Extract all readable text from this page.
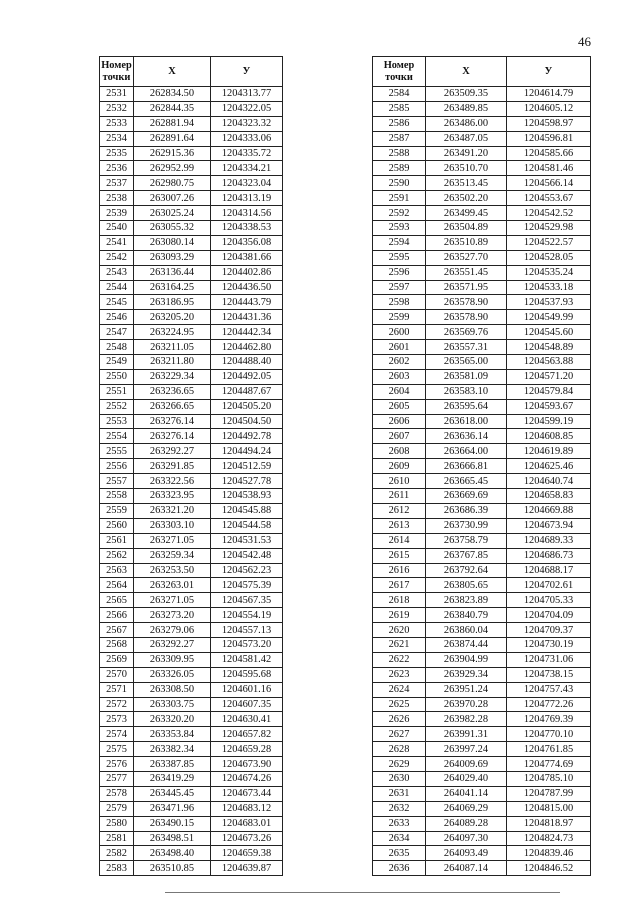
46
Номер
точки	X	У
2531	262834.50	1204313.77
2532	262844.35	1204322.05
2533	262881.94	1204323.32
2534	262891.64	1204333.06
2535	262915.36	1204335.72
2536	262952.99	1204334.21
2537	262980.75	1204323.04
2538	263007.26	1204313.19
2539	263025.24	1204314.56
2540	263055.32	1204338.53
2541	263080.14	1204356.08
2542	263093.29	1204381.66
2543	263136.44	1204402.86
2544	263164.25	1204436.50
2545	263186.95	1204443.79
2546	263205.20	1204431.36
2547	263224.95	1204442.34
2548	263211.05	1204462.80
2549	263211.80	1204488.40
2550	263229.34	1204492.05
2551	263236.65	1204487.67
2552	263266.65	1204505.20
2553	263276.14	1204504.50
2554	263276.14	1204492.78
2555	263292.27	1204494.24
2556	263291.85	1204512.59
2557	263322.56	1204527.78
2558	263323.95	1204538.93
2559	263321.20	1204545.88
2560	263303.10	1204544.58
2561	263271.05	1204531.53
2562	263259.34	1204542.48
2563	263253.50	1204562.23
2564	263263.01	1204575.39
2565	263271.05	1204567.35
2566	263273.20	1204554.19
2567	263279.06	1204557.13
2568	263292.27	1204573.20
2569	263309.95	1204581.42
2570	263326.05	1204595.68
2571	263308.50	1204601.16
2572	263303.75	1204607.35
2573	263320.20	1204630.41
2574	263353.84	1204657.82
2575	263382.34	1204659.28
2576	263387.85	1204673.90
2577	263419.29	1204674.26
2578	263445.45	1204673.44
2579	263471.96	1204683.12
2580	263490.15	1204683.01
2581	263498.51	1204673.26
2582	263498.40	1204659.38
2583	263510.85	1204639.87
Номер
точки	X	У
2584	263509.35	1204614.79
2585	263489.85	1204605.12
2586	263486.00	1204598.97
2587	263487.05	1204596.81
2588	263491.20	1204585.66
2589	263510.70	1204581.46
2590	263513.45	1204566.14
2591	263502.20	1204553.67
2592	263499.45	1204542.52
2593	263504.89	1204529.98
2594	263510.89	1204522.57
2595	263527.70	1204528.05
2596	263551.45	1204535.24
2597	263571.95	1204533.18
2598	263578.90	1204537.93
2599	263578.90	1204549.99
2600	263569.76	1204545.60
2601	263557.31	1204548.89
2602	263565.00	1204563.88
2603	263581.09	1204571.20
2604	263583.10	1204579.84
2605	263595.64	1204593.67
2606	263618.00	1204599.19
2607	263636.14	1204608.85
2608	263664.00	1204619.89
2609	263666.81	1204625.46
2610	263665.45	1204640.74
2611	263669.69	1204658.83
2612	263686.39	1204669.88
2613	263730.99	1204673.94
2614	263758.79	1204689.33
2615	263767.85	1204686.73
2616	263792.64	1204688.17
2617	263805.65	1204702.61
2618	263823.89	1204705.33
2619	263840.79	1204704.09
2620	263860.04	1204709.37
2621	263874.44	1204730.19
2622	263904.99	1204731.06
2623	263929.34	1204738.15
2624	263951.24	1204757.43
2625	263970.28	1204772.26
2626	263982.28	1204769.39
2627	263991.31	1204770.10
2628	263997.24	1204761.85
2629	264009.69	1204774.69
2630	264029.40	1204785.10
2631	264041.14	1204787.99
2632	264069.29	1204815.00
2633	264089.28	1204818.97
2634	264097.30	1204824.73
2635	264093.49	1204839.46
2636	264087.14	1204846.52
